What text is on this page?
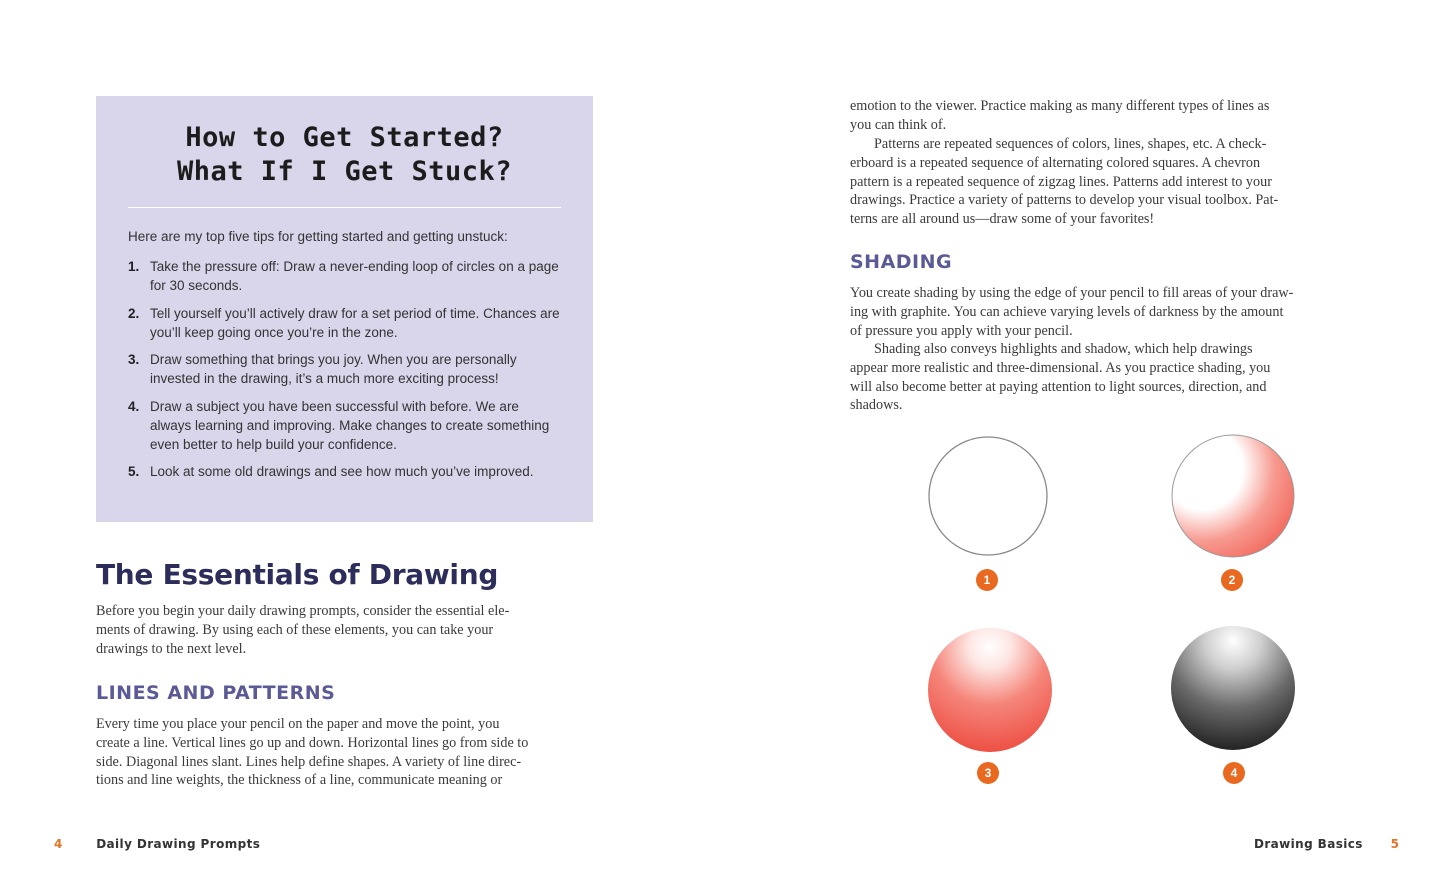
How to Get Started?
What If I Get Stuck?
Here are my top five tips for getting started and getting unstuck:
1. Take the pressure off: Draw a never-ending loop of circles on a page
for 30 seconds.
2. Tell yourself you’ll actively draw for a set period of time. Chances are
you’ll keep going once you’re in the zone.
3. Draw something that brings you joy. When you are personally
invested in the drawing, it’s a much more exciting process!
4. Draw a subject you have been successful with before. We are
always learning and improving. Make changes to create something
even better to help build your confidence.
5. Look at some old drawings and see how much you’ve improved.
The Essentials of Drawing
Before you begin your daily drawing prompts, consider the essential ele-
ments of drawing. By using each of these elements, you can take your
drawings to the next level.
LINES AND PATTERNS
Every time you place your pencil on the paper and move the point, you
create a line. Vertical lines go up and down. Horizontal lines go from side to
side. Diagonal lines slant. Lines help define shapes. A variety of line direc-
tions and line weights, the thickness of a line, communicate meaning or
4	Daily Drawing Prompts
emotion to the viewer. Practice making as many different types of lines as
you can think of.
Patterns are repeated sequences of colors, lines, shapes, etc. A check-
erboard is a repeated sequence of alternating colored squares. A chevron
pattern is a repeated sequence of zigzag lines. Patterns add interest to your
drawings. Practice a variety of patterns to develop your visual toolbox. Pat-
terns are all around us—draw some of your favorites!
SHADING
You create shading by using the edge of your pencil to fill areas of your draw-
ing with graphite. You can achieve varying levels of darkness by the amount
of pressure you apply with your pencil.
Shading also conveys highlights and shadow, which help drawings
appear more realistic and three-dimensional. As you practice shading, you
will also become better at paying attention to light sources, direction, and
shadows.
1	2
3	4
Drawing Basics 5
